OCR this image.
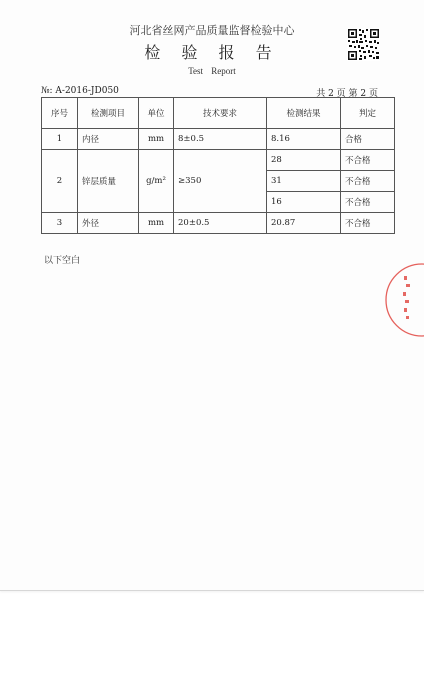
河北省丝网产品质量监督检验中心
检 验 报 告
Test Report
№: A-2016-JD050	共 2 页 第 2 页
序号	检测项目	单位	技术要求	检测结果	判定
1	内径	mm	8±0.5	8.16	合格
2	锌层质量	g/m²	≥350	28	不合格
				31	不合格
				16	不合格
3	外径	mm	20±0.5	20.87	不合格
以下空白
